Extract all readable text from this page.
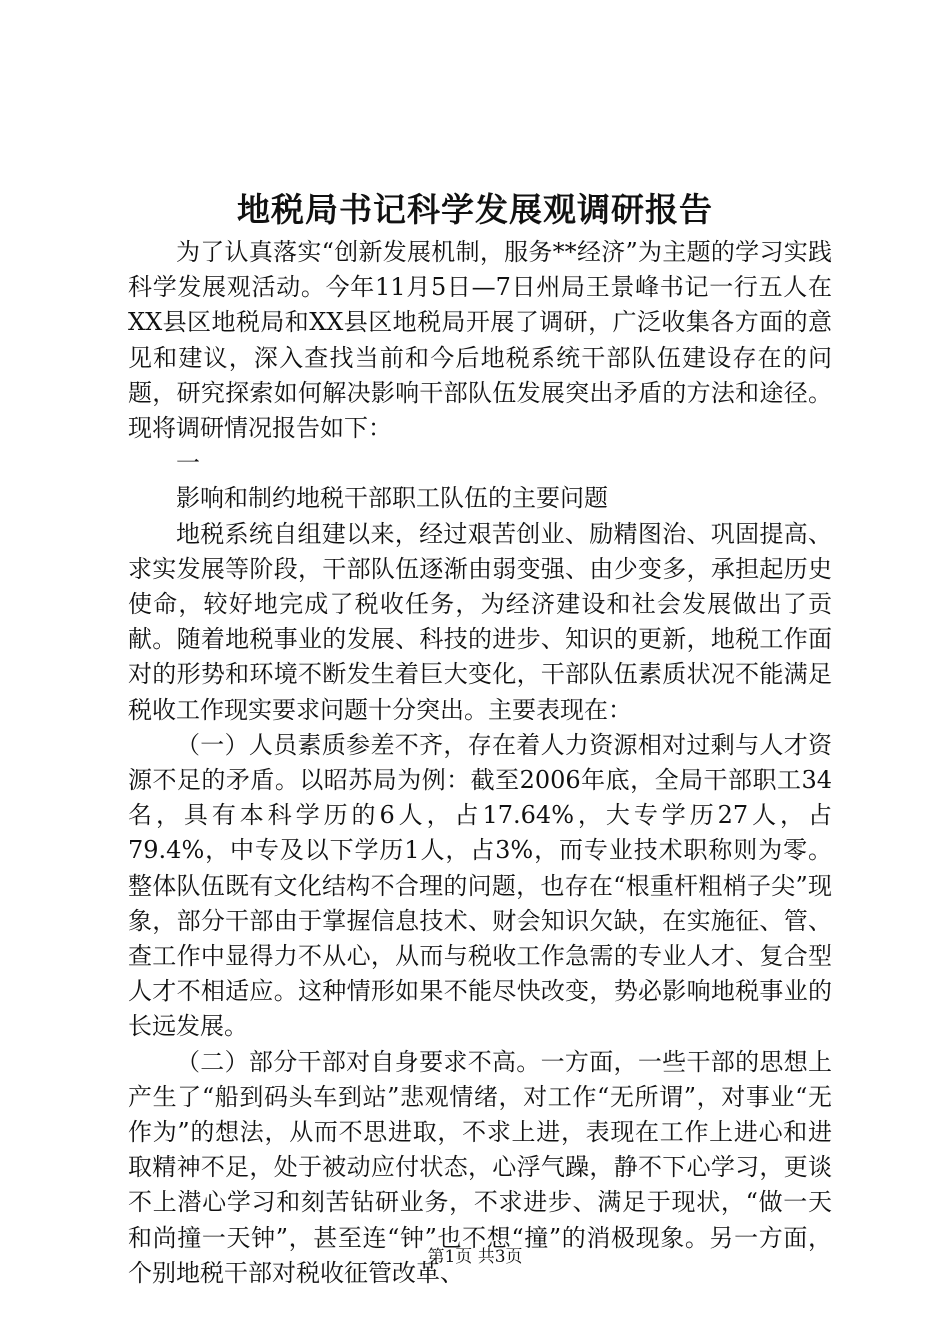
地税局书记科学发展观调研报告

为了认真落实“创新发展机制，服务**经济”为主题的学习实践科学发展观活动。今年11月5日—7日州局王景峰书记一行五人在XX县区地税局和XX县区地税局开展了调研，广泛收集各方面的意见和建议，深入查找当前和今后地税系统干部队伍建设存在的问题，研究探索如何解决影响干部队伍发展突出矛盾的方法和途径。现将调研情况报告如下：

一

影响和制约地税干部职工队伍的主要问题

地税系统自组建以来，经过艰苦创业、励精图治、巩固提高、求实发展等阶段，干部队伍逐渐由弱变强、由少变多，承担起历史使命，较好地完成了税收任务，为经济建设和社会发展做出了贡献。随着地税事业的发展、科技的进步、知识的更新，地税工作面对的形势和环境不断发生着巨大变化，干部队伍素质状况不能满足税收工作现实要求问题十分突出。主要表现在：

（一）人员素质参差不齐，存在着人力资源相对过剩与人才资源不足的矛盾。以昭苏局为例：截至2006年底，全局干部职工34名，具有本科学历的6人，占17.64%，大专学历27人，占79.4%，中专及以下学历1人，占3%，而专业技术职称则为零。整体队伍既有文化结构不合理的问题，也存在“根重杆粗梢子尖”现象，部分干部由于掌握信息技术、财会知识欠缺，在实施征、管、查工作中显得力不从心，从而与税收工作急需的专业人才、复合型人才不相适应。这种情形如果不能尽快改变，势必影响地税事业的长远发展。

（二）部分干部对自身要求不高。一方面，一些干部的思想上产生了“船到码头车到站”悲观情绪，对工作“无所谓”，对事业“无作为”的想法，从而不思进取，不求上进，表现在工作上进心和进取精神不足，处于被动应付状态，心浮气躁，静不下心学习，更谈不上潜心学习和刻苦钻研业务，不求进步、满足于现状，“做一天和尚撞一天钟”，甚至连“钟”也不想“撞”的消极现象。另一方面，个别地税干部对税收征管改革、

第1页 共3页
